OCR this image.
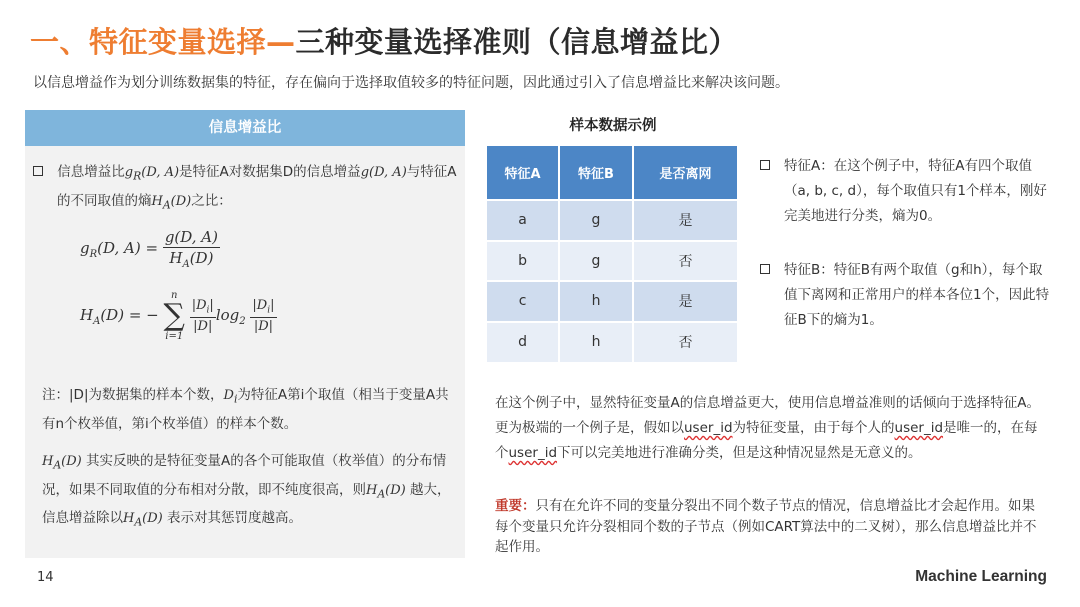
一、特征变量选择—三种变量选择准则（信息增益比）
以信息增益作为划分训练数据集的特征，存在偏向于选择取值较多的特征问题，因此通过引入了信息增益比来解决该问题。
信息增益比
信息增益比$g_R(D$, A)是特征A对数据集D的信息增益g(D, A)与特征A
的不同取值的熵$H_A(D)$之比：
$g_R(D$, $A) = \frac{g(D, A)}{H_A(D)}$
$H_A(D)$ = −
n
∑
i=1

$\frac{|D_i|}{|D|} \log_2 \frac{|D_i|}{|D|}$
注：|D|为数据集的样本个数，$D_i$为特征A第i个取值（相当于变量A共有n个枚举值，第i个枚举值）的样本个数。
$H_A(D)$ 其实反映的是特征变量A的各个可能取值（枚举值）的分布情况，如果不同取值的分布相对分散，即不纯度很高，则$H_A(D)$ 越大，信息增益除以$H_A(D)$ 表示对其惩罚度越高。
样本数据示例
特征A	特征B	是否离网
a	g	是
b	g	否
c	h	是
d	h	否
特征A：在这个例子中，特征A有四个取值（a, b, c, d），每个取值只有1个样本，刚好完美地进行分类，熵为0。
特征B：特征B有两个取值（g和h），每个取值下离网和正常用户的样本各位1个，因此特征B下的熵为1。
在这个例子中，显然特征变量A的信息增益更大，使用信息增益准则的话倾向于选择特征A。更为极端的一个例子是，假如以user_id为特征变量，由于每个人的user_id是唯一的，在每个user_id下可以完美地进行准确分类，但是这种情况显然是无意义的。
重要：只有在允许不同的变量分裂出不同个数子节点的情况，信息增益比才会起作用。如果每个变量只允许分裂相同个数的子节点（例如CART算法中的二叉树），那么信息增益比并不起作用。
14	Machine Learning
